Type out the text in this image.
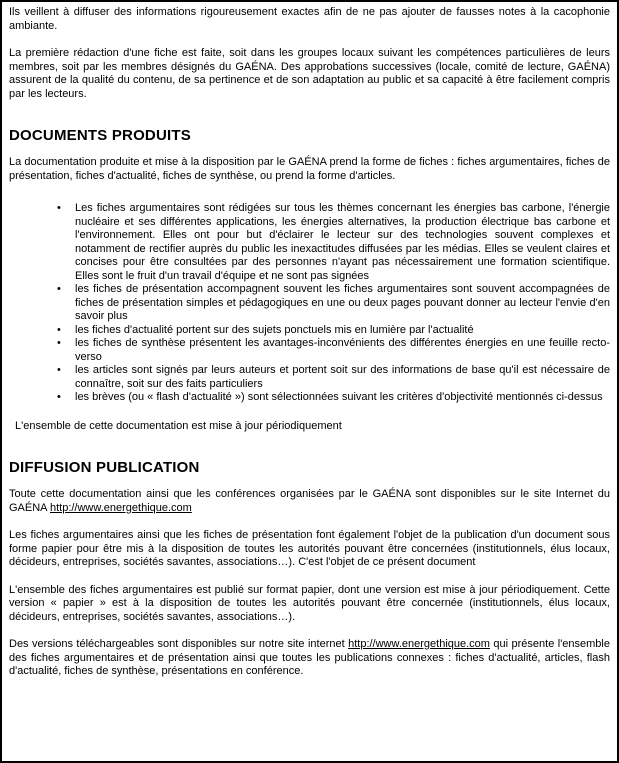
Ils veillent à diffuser des informations rigoureusement exactes afin de ne pas ajouter de fausses notes à la cacophonie ambiante.

La première rédaction d'une fiche est faite, soit dans les groupes locaux suivant les compétences particulières de leurs membres, soit par les membres désignés du GAÉNA. Des approbations successives (locale, comité de lecture, GAÉNA) assurent de la qualité du contenu, de sa pertinence et de son adaptation au public et sa capacité à être facilement compris par les lecteurs.

DOCUMENTS PRODUITS

La documentation produite et mise à la disposition par le GAÉNA prend la forme de fiches : fiches argumentaires, fiches de présentation, fiches d'actualité, fiches de synthèse, ou prend la forme d'articles.

• Les fiches argumentaires sont rédigées sur tous les thèmes concernant les énergies bas carbone, l'énergie nucléaire et ses différentes applications, les énergies alternatives, la production électrique bas carbone et l'environnement. Elles ont pour but d'éclairer le lecteur sur des technologies souvent complexes et notamment de rectifier auprès du public les inexactitudes diffusées par les médias. Elles se veulent claires et concises pour être consultées par des personnes n'ayant pas nécessairement une formation scientifique. Elles sont le fruit d'un travail d'équipe et ne sont pas signées
• les fiches de présentation accompagnent souvent les fiches argumentaires sont souvent accompagnées de fiches de présentation simples et pédagogiques en une ou deux pages pouvant donner au lecteur l'envie d'en savoir plus
• les fiches d'actualité portent sur des sujets ponctuels mis en lumière par l'actualité
• les fiches de synthèse présentent les avantages-inconvénients des différentes énergies en une feuille recto-verso
• les articles sont signés par leurs auteurs et portent soit sur des informations de base qu'il est nécessaire de connaître, soit sur des faits particuliers
• les brèves (ou « flash d'actualité ») sont sélectionnées suivant les critères d'objectivité mentionnés ci-dessus

L'ensemble de cette documentation est mise à jour périodiquement

DIFFUSION PUBLICATION

Toute cette documentation ainsi que les conférences organisées par le GAÉNA sont disponibles sur le site Internet du GAÉNA http://www.energethique.com

Les fiches argumentaires ainsi que les fiches de présentation font également l'objet de la publication d'un document sous forme papier pour être mis à la disposition de toutes les autorités pouvant être concernées (institutionnels, élus locaux, décideurs, entreprises, sociétés savantes, associations…). C'est l'objet de ce présent document

L'ensemble des fiches argumentaires est publié sur format papier, dont une version est mise à jour périodiquement. Cette version « papier » est à la disposition de toutes les autorités pouvant être concernée (institutionnels, élus locaux, décideurs, entreprises, sociétés savantes, associations…).

Des versions téléchargeables sont disponibles sur notre site internet http://www.energethique.com qui présente l'ensemble des fiches argumentaires et de présentation ainsi que toutes les publications connexes : fiches d'actualité, articles, flash d'actualité, fiches de synthèse, présentations en conférence.
